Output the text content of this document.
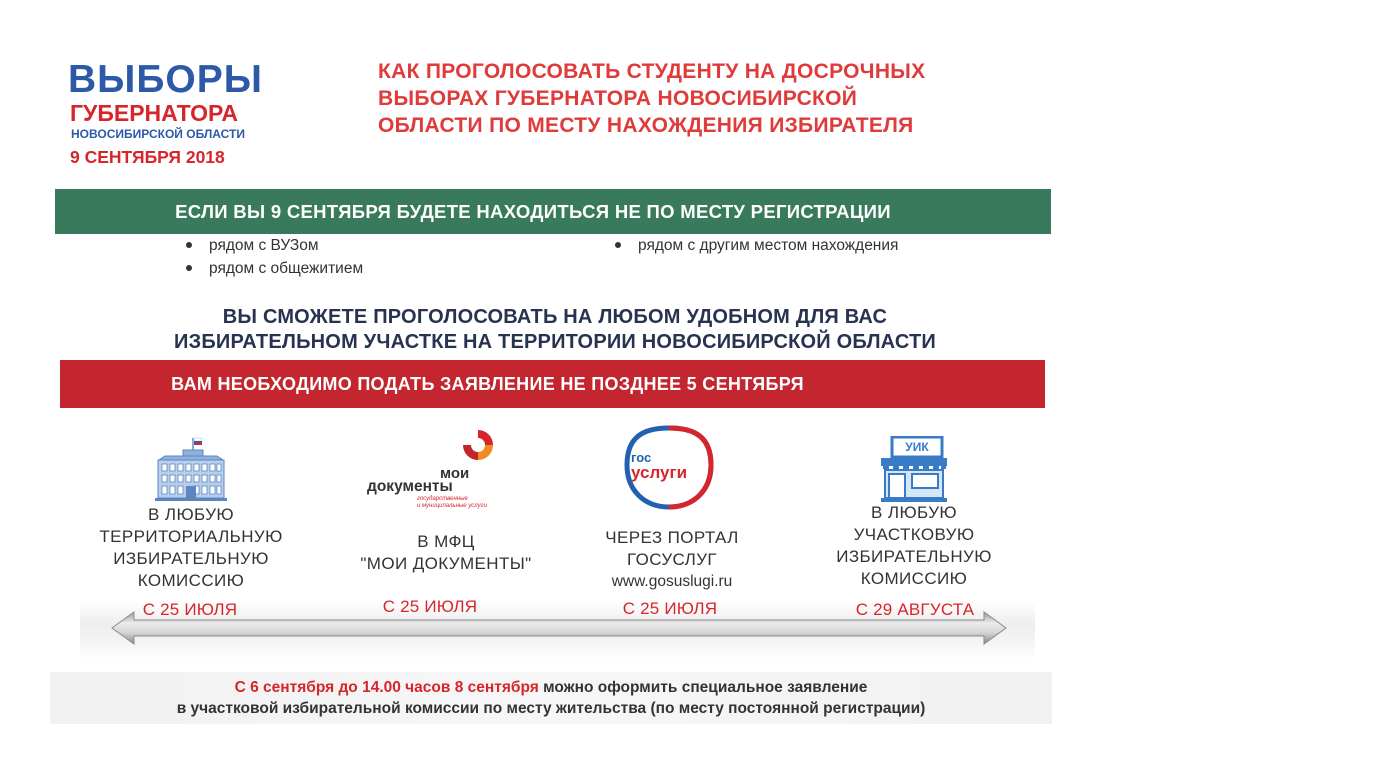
ВЫБОРЫ
ГУБЕРНАТОРА
НОВОСИБИРСКОЙ ОБЛАСТИ
9 СЕНТЯБРЯ 2018
КАК ПРОГОЛОСОВАТЬ СТУДЕНТУ НА ДОСРОЧНЫХ
ВЫБОРАХ ГУБЕРНАТОРА НОВОСИБИРСКОЙ
ОБЛАСТИ ПО МЕСТУ НАХОЖДЕНИЯ ИЗБИРАТЕЛЯ
ЕСЛИ ВЫ 9 СЕНТЯБРЯ БУДЕТЕ НАХОДИТЬСЯ НЕ ПО МЕСТУ РЕГИСТРАЦИИ
рядом с ВУЗом
рядом с общежитием
рядом с другим местом нахождения
ВЫ СМОЖЕТЕ ПРОГОЛОСОВАТЬ НА ЛЮБОМ УДОБНОМ ДЛЯ ВАС
ИЗБИРАТЕЛЬНОМ УЧАСТКЕ НА ТЕРРИТОРИИ НОВОСИБИРСКОЙ ОБЛАСТИ
ВАМ НЕОБХОДИМО ПОДАТЬ ЗАЯВЛЕНИЕ НЕ ПОЗДНЕЕ 5 СЕНТЯБРЯ
мои
документы
государственные
и муниципальные услуги
гос
услуги
УИК
В ЛЮБУЮ
ТЕРРИТОРИАЛЬНУЮ
ИЗБИРАТЕЛЬНУЮ
КОМИССИЮ
В МФЦ
"МОИ ДОКУМЕНТЫ"
ЧЕРЕЗ ПОРТАЛ
ГОСУСЛУГ
www.gosuslugi.ru
В ЛЮБУЮ
УЧАСТКОВУЮ
ИЗБИРАТЕЛЬНУЮ
КОМИССИЮ
С 25 ИЮЛЯ	С 25 ИЮЛЯ	С 25 ИЮЛЯ	С 29 АВГУСТА
С 6 сентября до 14.00 часов 8 сентября можно оформить специальное заявление
в участковой избирательной комиссии по месту жительства (по месту постоянной регистрации)
